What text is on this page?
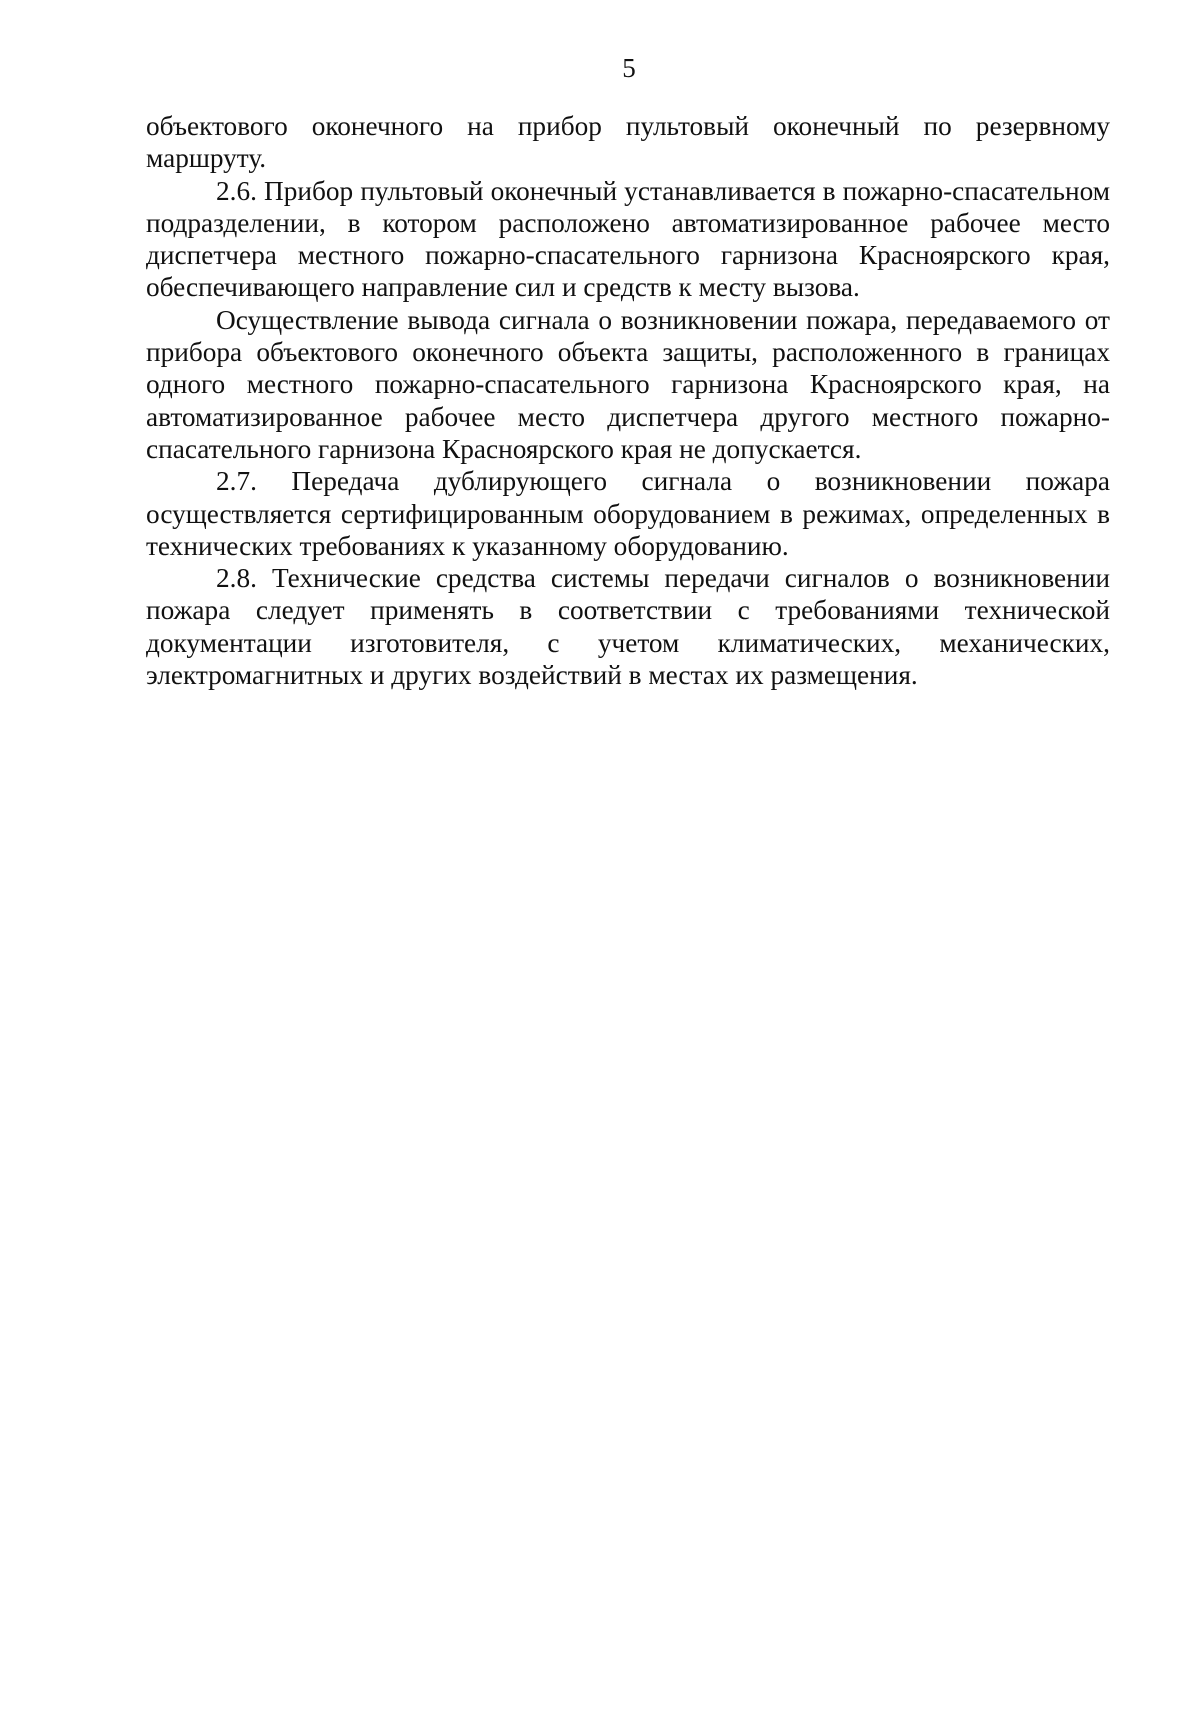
5

объектового оконечного на прибор пультовый оконечный по резервному маршруту.

2.6. Прибор пультовый оконечный устанавливается в пожарно-спасательном подразделении, в котором расположено автоматизированное рабочее место диспетчера местного пожарно-спасательного гарнизона Красноярского края, обеспечивающего направление сил и средств к месту вызова.

Осуществление вывода сигнала о возникновении пожара, передаваемого от прибора объектового оконечного объекта защиты, расположенного в границах одного местного пожарно-спасательного гарнизона Красноярского края, на автоматизированное рабочее место диспетчера другого местного пожарно-спасательного гарнизона Красноярского края не допускается.

2.7. Передача дублирующего сигнала о возникновении пожара осуществляется сертифицированным оборудованием в режимах, определенных в технических требованиях к указанному оборудованию.

2.8. Технические средства системы передачи сигналов о возникновении пожара следует применять в соответствии с требованиями технической документации изготовителя, с учетом климатических, механических, электромагнитных и других воздействий в местах их размещения.
